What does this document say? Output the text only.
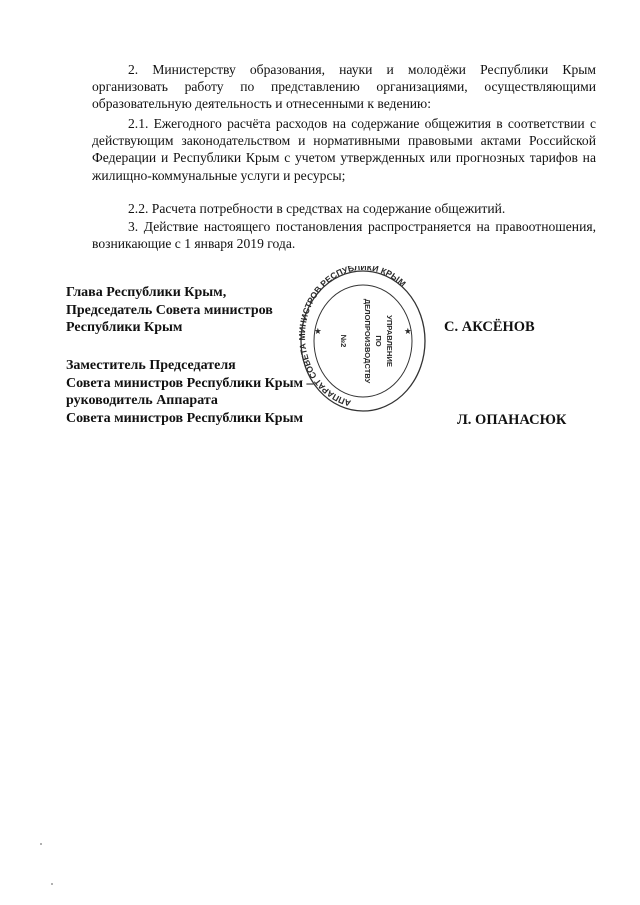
2. Министерству образования, науки и молодёжи Республики Крым организовать работу по представлению организациями, осуществляющими образовательную деятельность и отнесенными к ведению:

2.1. Ежегодного расчёта расходов на содержание общежития в соответствии с действующим законодательством и нормативными правовыми актами Российской Федерации и Республики Крым с учетом утвержденных или прогнозных тарифов на жилищно-коммунальные услуги и ресурсы;

2.2. Расчета потребности в средствах на содержание общежитий.

3. Действие настоящего постановления распространяется на правоотношения, возникающие с 1 января 2019 года.

Глава Республики Крым,
Председатель Совета министров
Республики Крым	С. АКСЁНОВ
Заместитель Председателя
Совета министров Республики Крым –
руководитель Аппарата
Совета министров Республики Крым	Л. ОПАНАСЮК
АППАРАТ СОВЕТА МИНИСТРОВ РЕСПУБЛИКИ КРЫМ
★	★
УПРАВЛЕНИЕ
ПО
ДЕЛОПРОИЗВОДСТВУ
№2
